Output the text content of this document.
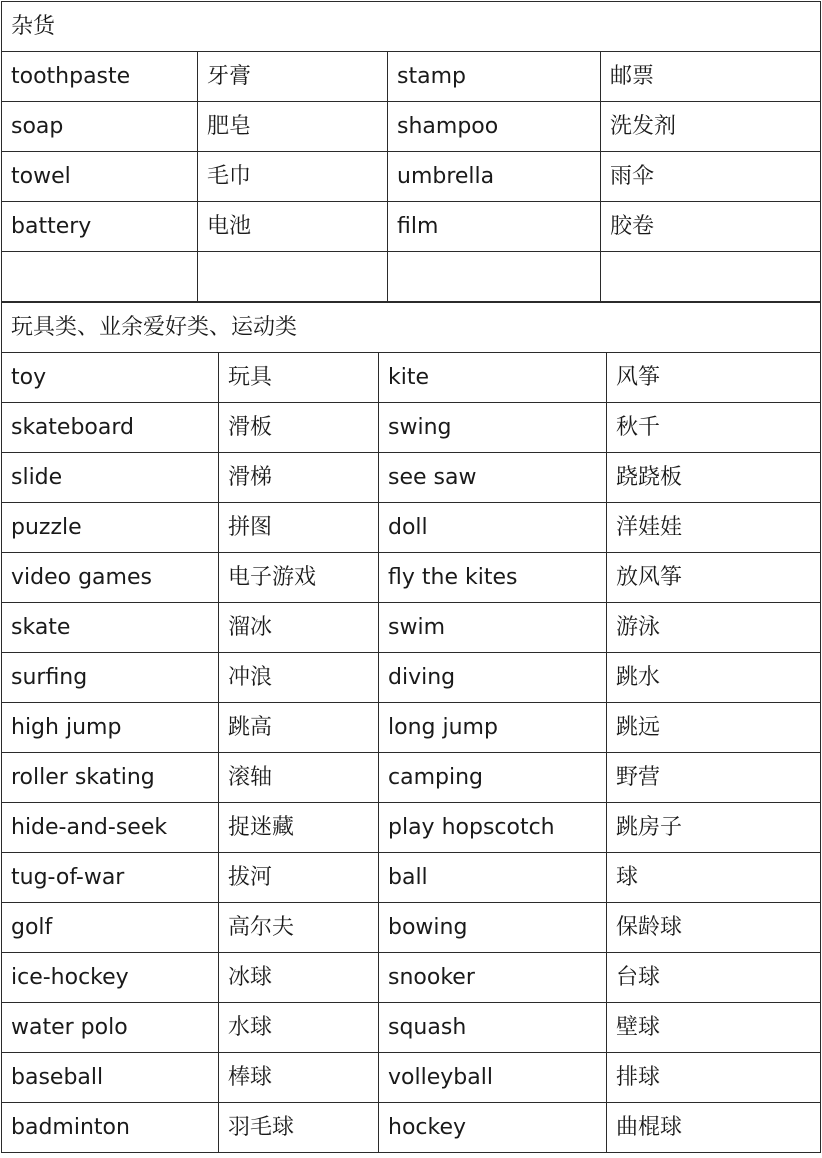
杂货			
toothpaste	牙膏	stamp	邮票
soap	肥皂	shampoo	洗发剂
towel	毛巾	umbrella	雨伞
battery	电池	film	胶卷

玩具类、业余爱好类、运动类			
toy	玩具	kite	风筝
skateboard	滑板	swing	秋千
slide	滑梯	see saw	跷跷板
puzzle	拼图	doll	洋娃娃
video games	电子游戏	fly the kites	放风筝
skate	溜冰	swim	游泳
surfing	冲浪	diving	跳水
high jump	跳高	long jump	跳远
roller skating	滚轴	camping	野营
hide-and-seek	捉迷藏	play hopscotch	跳房子
tug-of-war	拔河	ball	球
golf	高尔夫	bowing	保龄球
ice-hockey	冰球	snooker	台球
water polo	水球	squash	壁球
baseball	棒球	volleyball	排球
badminton	羽毛球	hockey	曲棍球
